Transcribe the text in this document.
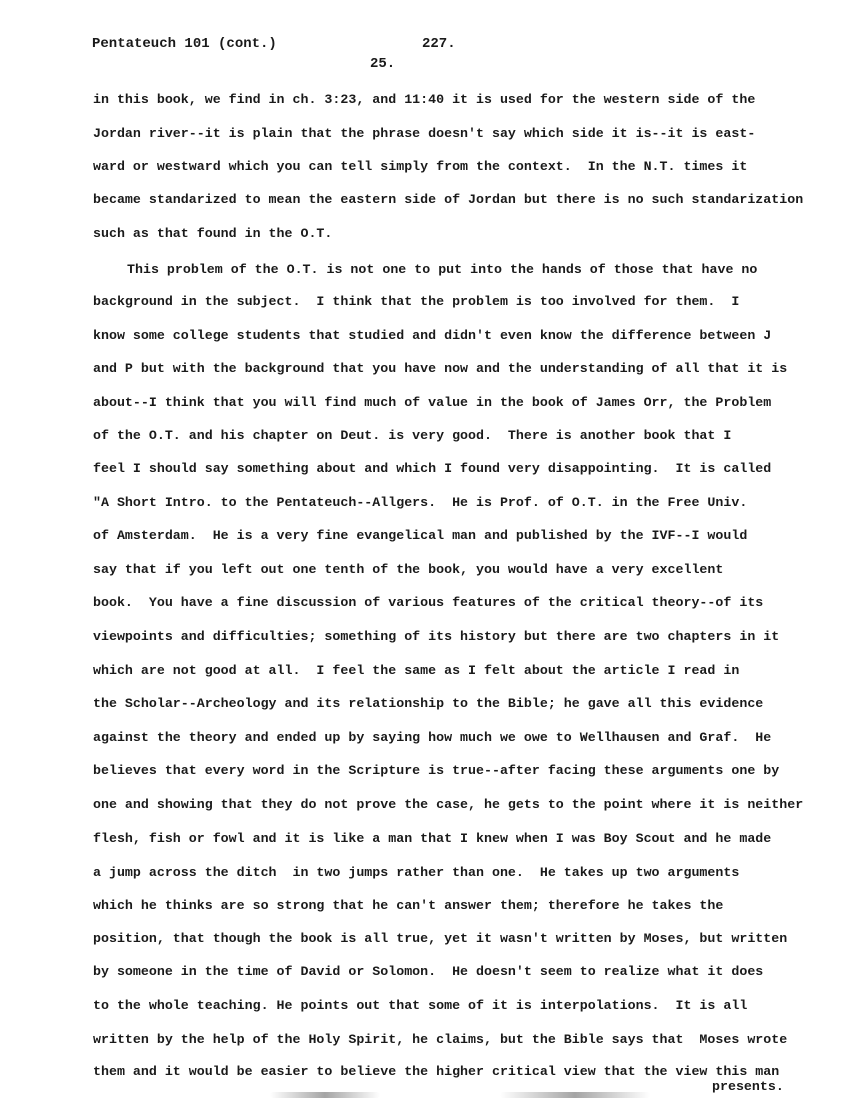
Pentateuch 101 (cont.)	227.
25.
in this book, we find in ch. 3:23, and 11:40 it is used for the western side of the
Jordan river--it is plain that the phrase doesn't say which side it is--it is east-
ward or westward which you can tell simply from the context.  In the N.T. times it
became standarized to mean the eastern side of Jordan but there is no such standarization
such as that found in the O.T.
This problem of the O.T. is not one to put into the hands of those that have no
background in the subject.  I think that the problem is too involved for them.  I
know some college students that studied and didn't even know the difference between J
and P but with the background that you have now and the understanding of all that it is
about--I think that you will find much of value in the book of James Orr, the Problem
of the O.T. and his chapter on Deut. is very good.  There is another book that I
feel I should say something about and which I found very disappointing.  It is called
"A Short Intro. to the Pentateuch--Allgers.  He is Prof. of O.T. in the Free Univ.
of Amsterdam.  He is a very fine evangelical man and published by the IVF--I would
say that if you left out one tenth of the book, you would have a very excellent
book.  You have a fine discussion of various features of the critical theory--of its
viewpoints and difficulties; something of its history but there are two chapters in it
which are not good at all.  I feel the same as I felt about the article I read in
the Scholar--Archeology and its relationship to the Bible; he gave all this evidence
against the theory and ended up by saying how much we owe to Wellhausen and Graf.  He
believes that every word in the Scripture is true--after facing these arguments one by
one and showing that they do not prove the case, he gets to the point where it is neither
flesh, fish or fowl and it is like a man that I knew when I was Boy Scout and he made
a jump across the ditch  in two jumps rather than one.  He takes up two arguments
which he thinks are so strong that he can't answer them; therefore he takes the
position, that though the book is all true, yet it wasn't written by Moses, but written
by someone in the time of David or Solomon.  He doesn't seem to realize what it does
to the whole teaching. He points out that some of it is interpolations.  It is all
written by the help of the Holy Spirit, he claims, but the Bible says that  Moses wrote
them and it would be easier to believe the higher critical view that the view this man
presents.
